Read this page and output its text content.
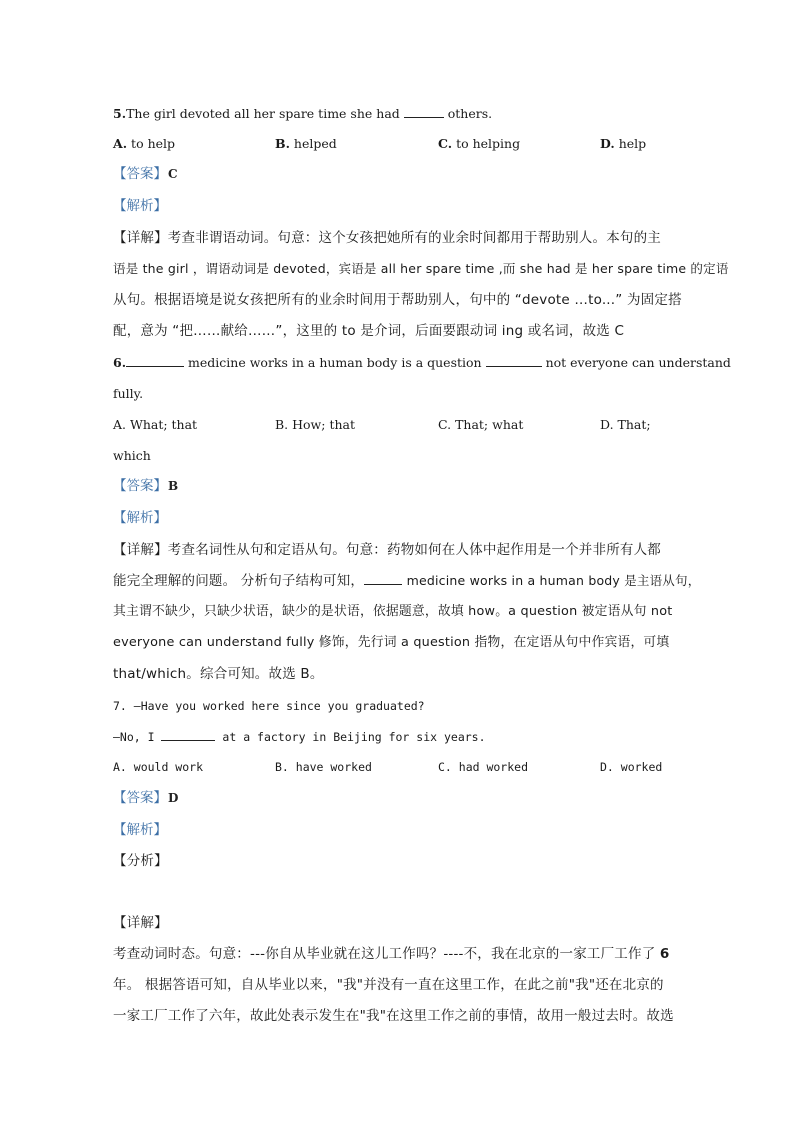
5.The girl devoted all her spare time she had	others.
A. to help	B. helped	C. to helping	D. help
【答案】C
【解析】
【详解】考查非谓语动词。句意：这个女孩把她所有的业余时间都用于帮助别人。本句的主
语是 the girl ，谓语动词是 devoted，宾语是 all her spare time ,而 she had 是 her spare time 的定语
从句。根据语境是说女孩把所有的业余时间用于帮助别人，句中的 “devote …to...” 为固定搭
配，意为 “把……献给……”，这里的 to 是介词，后面要跟动词 ing 或名词，故选 C
6.	medicine works in a human body is a question	not everyone can understand
fully.
A. What; that	B. How; that	C. That; what	D. That;
which
【答案】B
【解析】
【详解】考查名词性从句和定语从句。句意：药物如何在人体中起作用是一个并非所有人都
能完全理解的问题。 分析句子结构可知，	medicine works in a human body 是主语从句，
其主谓不缺少，只缺少状语，缺少的是状语，依据题意，故填 how。a question 被定语从句 not
everyone can understand fully 修饰，先行词 a question 指物，在定语从句中作宾语，可填
that/which。综合可知。故选 B。
7. —Have you worked here since you graduated?
—No, I	at a factory in Beijing for six years.
A. would work	B. have worked	C. had worked	D. worked
【答案】D
【解析】
【分析】
【详解】
考查动词时态。句意：---你自从毕业就在这儿工作吗？----不，我在北京的一家工厂工作了 6
年。 根据答语可知，自从毕业以来，"我"并没有一直在这里工作，在此之前"我"还在北京的
一家工厂工作了六年，故此处表示发生在"我"在这里工作之前的事情，故用一般过去时。故选
